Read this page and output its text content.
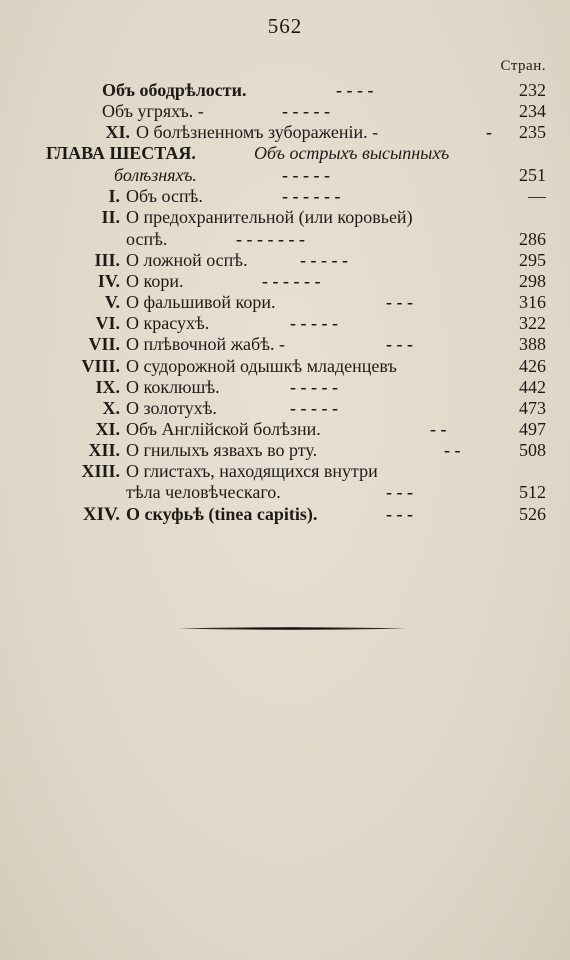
562
Стран.
Объ ободрѣлости.	- - - -	232
Объ угряхъ. -	- - - - -	234
XI. О болѣзненномъ зубораженіи. -	- 235
ГЛАВА ШЕСТАЯ.	Объ острыхъ высыпныхъ
болѣзняхъ.	- - - - -	251
I. Объ оспѣ.	- - - - - -	—
II. О предохранительной (или коровьей)
оспѣ.	- - - - - - -	286
III. О ложной оспѣ.	- - - - -	295
IV. О кори.	- - - - - -	298
V. О фальшивой кори.	- - -	316
VI. О красухѣ.	- - - - -	322
VII. О плѣвочной жабѣ. -	- - -	388
VIII. О судорожной одышкѣ младенцевъ	426
IX. О коклюшѣ.	- - - - -	442
X. О золотухѣ.	- - - - -	473
XI. Объ Англійской болѣзни.	- -	497
XII. О гнилыхъ язвахъ во рту.	- -	508
XIII. О глистахъ, находящихся внутри
тѣла человѣческаго.	- - -	512
XIV. О скуфьѣ (tinea capitis).	- - -	526
